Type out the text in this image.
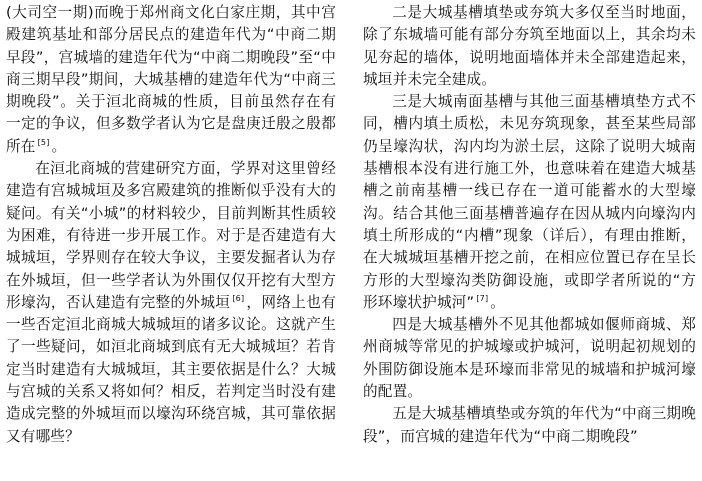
(大司空一期)而晚于郑州商文化白家庄期，其中宫殿建筑基址和部分居民点的建造年代为“中商二期早段”，宫城墙的建造年代为“中商二期晚段”至“中商三期早段”期间，大城基槽的建造年代为“中商三期晚段”。关于洹北商城的性质，目前虽然存在有一定的争议，但多数学者认为它是盘庚迁殷之殷都所在 [5] 。

在洹北商城的营建研究方面，学界对这里曾经建造有宫城城垣及多宫殿建筑的推断似乎没有大的疑问。有关“小城”的材料较少，目前判断其性质较为困难，有待进一步开展工作。对于是否建造有大城城垣，学界则存在较大争议，主要发掘者认为存在外城垣，但一些学者认为外围仅仅开挖有大型方形壕沟，否认建造有完整的外城垣 [6] ，网络上也有一些否定洹北商城大城城垣的诸多议论。这就产生了一些疑问，如洹北商城到底有无大城城垣？若肯定当时建造有大城城垣，其主要依据是什么？大城与宫城的关系又将如何？相反，若判定当时没有建造成完整的外城垣而以壕沟环绕宫城，其可靠依据又有哪些？

二是大城基槽填垫或夯筑大多仅至当时地面，除了东城墙可能有部分夯筑至地面以上，其余均未见夯起的墙体，说明地面墙体并未全部建造起来，城垣并未完全建成。

三是大城南面基槽与其他三面基槽填垫方式不同，槽内填土质松，未见夯筑现象，甚至某些局部仍呈壕沟状，沟内均为淤土层，这除了说明大城南基槽根本没有进行施工外，也意味着在建造大城基槽之前南基槽一线已存在一道可能蓄水的大型壕沟。结合其他三面基槽普遍存在因从城内向壕沟内填土所形成的“内槽”现象（详后），有理由推断，在大城城垣基槽开挖之前，在相应位置已存在呈长方形的大型壕沟类防御设施，或即学者所说的“方形环壕状护城河” [7] 。

四是大城基槽外不见其他都城如偃师商城、郑州商城等常见的护城壕或护城河，说明起初规划的外围防御设施本是环壕而非常见的城墙和护城河壕的配置。

五是大城基槽填垫或夯筑的年代为“中商三期晚段”，而宫城的建造年代为“中商二期晚段”
